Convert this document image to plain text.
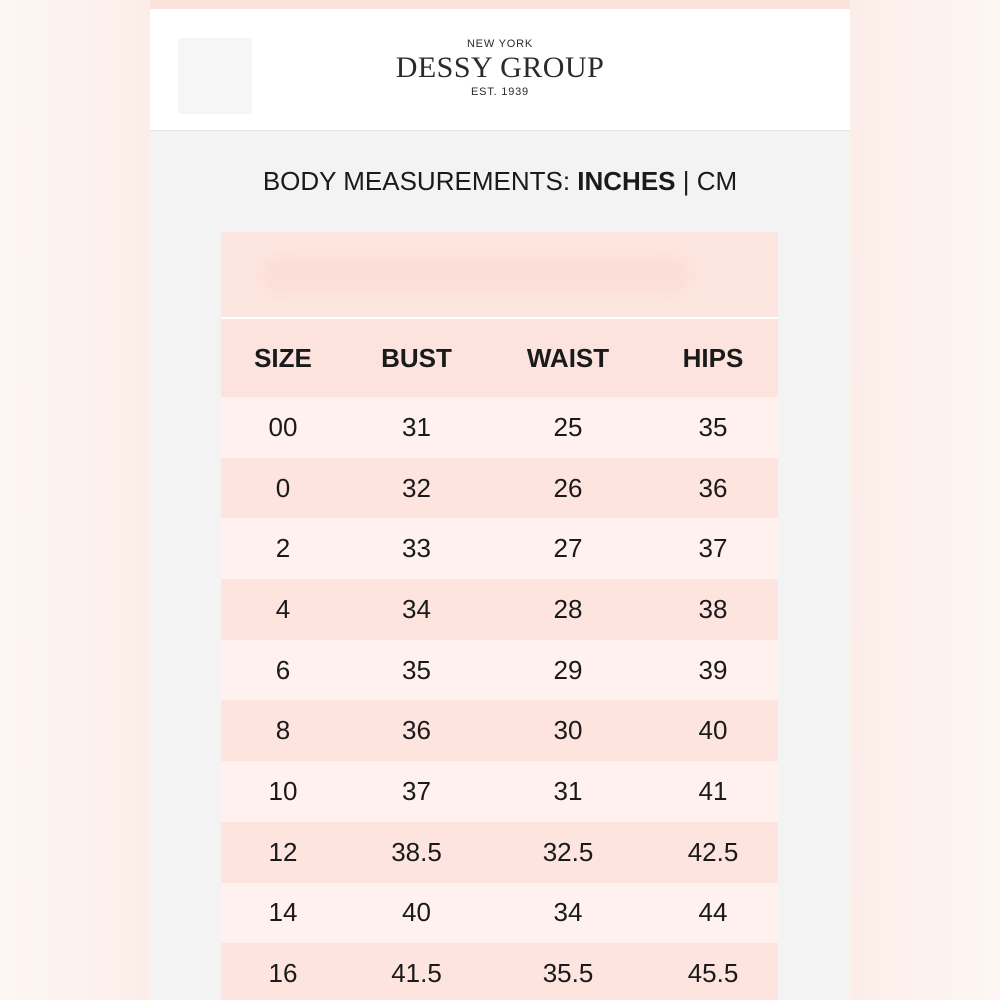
NEW YORK
DESSY GROUP
EST. 1939
BODY MEASUREMENTS: INCHES | CM
SIZE	BUST	WAIST	HIPS
00	31	25	35
0	32	26	36
2	33	27	37
4	34	28	38
6	35	29	39
8	36	30	40
10	37	31	41
12	38.5	32.5	42.5
14	40	34	44
16	41.5	35.5	45.5
